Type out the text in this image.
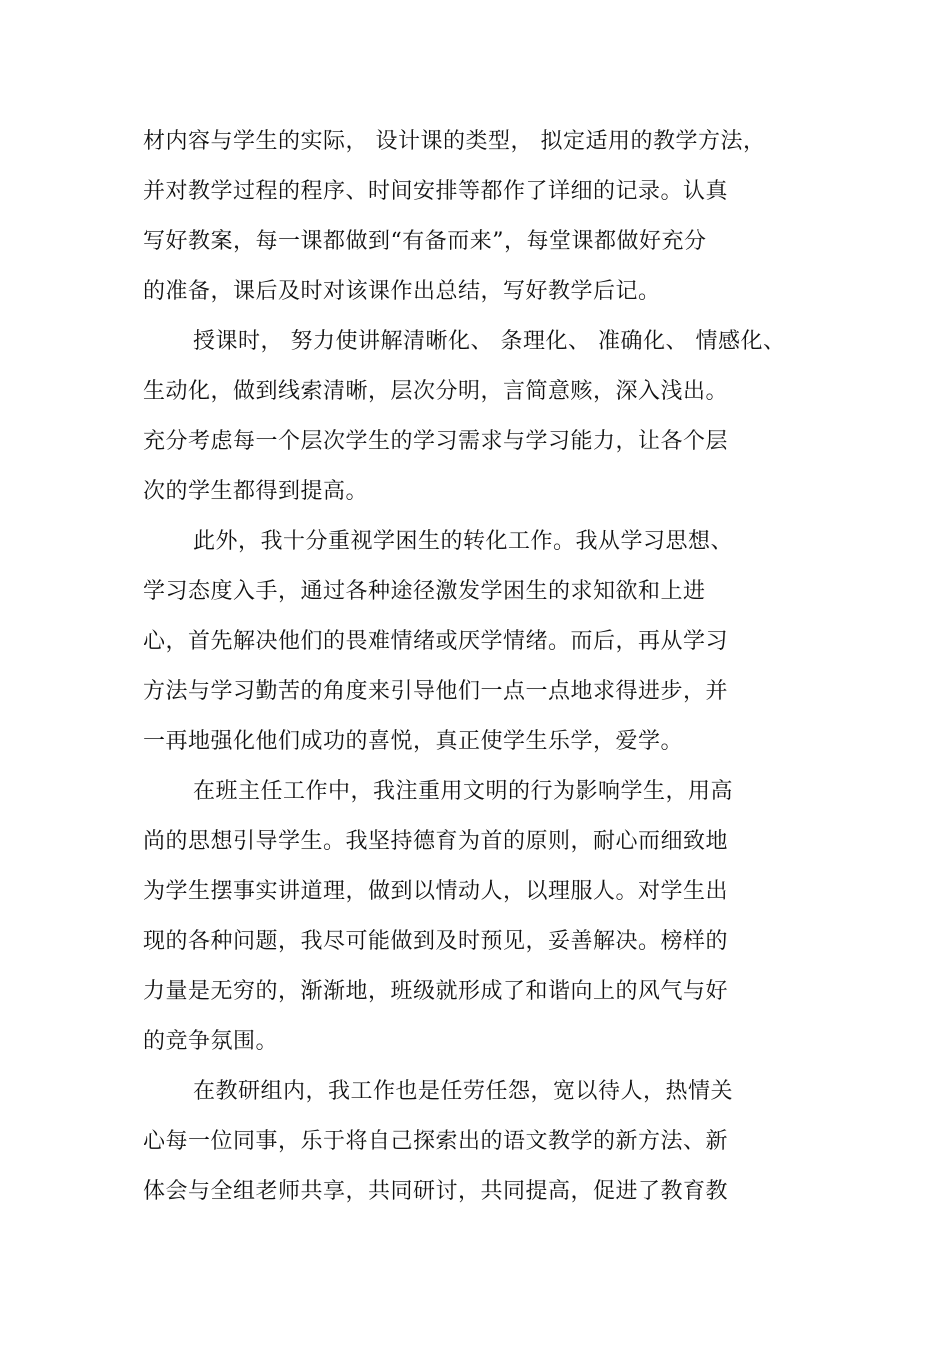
材内容与学生的实际， 设计课的类型， 拟定适用的教学方法，
并对教学过程的程序、时间安排等都作了详细的记录。认真
写好教案，每一课都做到“有备而来”，每堂课都做好充分
的准备，课后及时对该课作出总结，写好教学后记。
授课时， 努力使讲解清晰化、 条理化、 准确化、 情感化、
生动化，做到线索清晰，层次分明，言简意赅，深入浅出。
充分考虑每一个层次学生的学习需求与学习能力，让各个层
次的学生都得到提高。
此外，我十分重视学困生的转化工作。我从学习思想、
学习态度入手，通过各种途径激发学困生的求知欲和上进
心，首先解决他们的畏难情绪或厌学情绪。而后，再从学习
方法与学习勤苦的角度来引导他们一点一点地求得进步，并
一再地强化他们成功的喜悦，真正使学生乐学，爱学。
在班主任工作中，我注重用文明的行为影响学生，用高
尚的思想引导学生。我坚持德育为首的原则，耐心而细致地
为学生摆事实讲道理，做到以情动人，以理服人。对学生出
现的各种问题，我尽可能做到及时预见，妥善解决。榜样的
力量是无穷的，渐渐地，班级就形成了和谐向上的风气与好
的竞争氛围。
在教研组内，我工作也是任劳任怨，宽以待人，热情关
心每一位同事，乐于将自己探索出的语文教学的新方法、新
体会与全组老师共享，共同研讨，共同提高，促进了教育教
